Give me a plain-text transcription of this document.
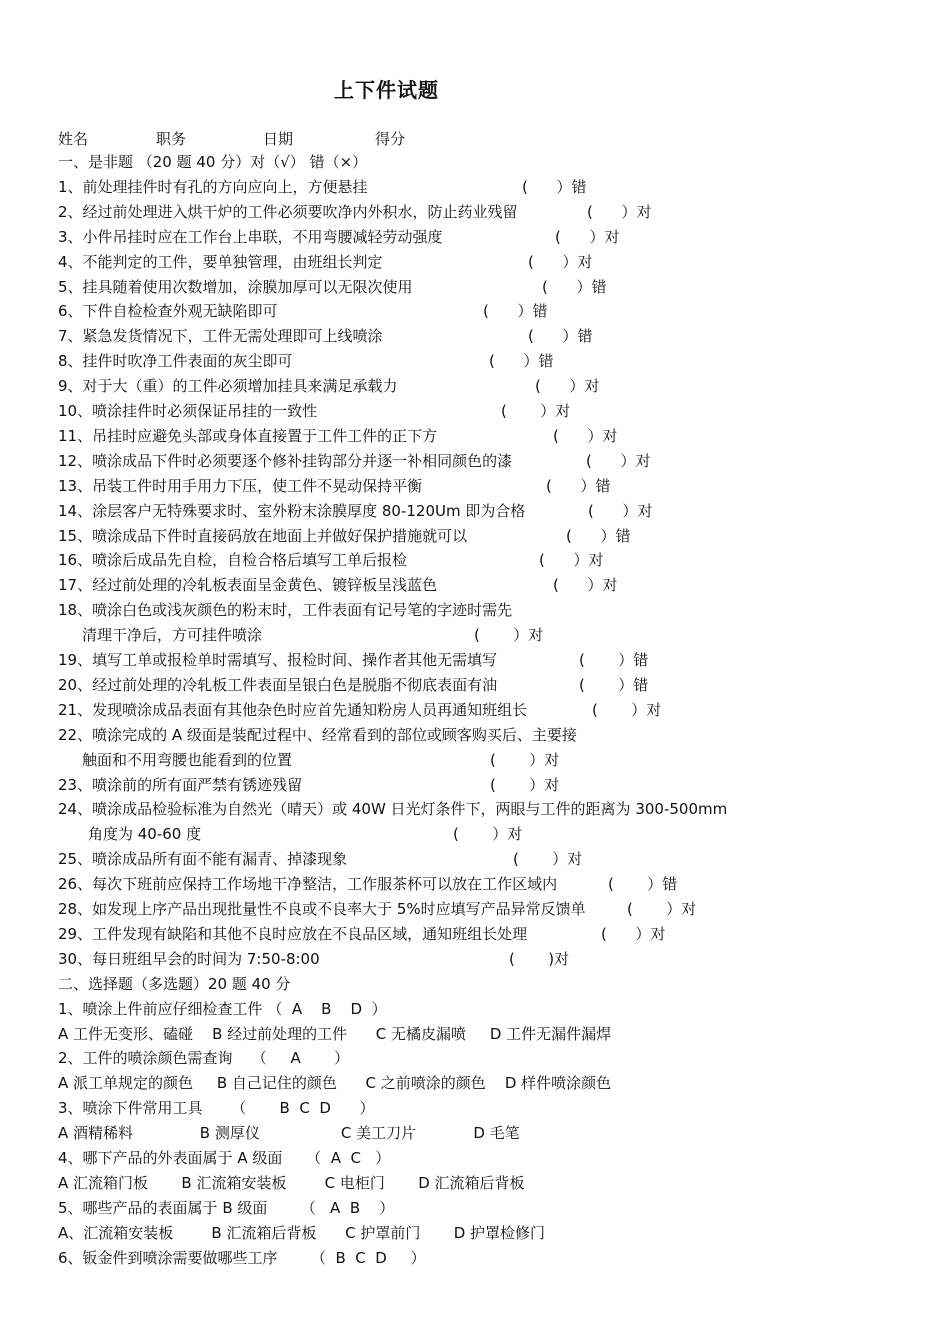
上下件试题
姓名	职务	日期	得分
一、是非题 （20 题 40 分）对（√） 错（×）
1、前处理挂件时有孔的方向应向上，方便悬挂	(      ）错
2、经过前处理进入烘干炉的工件必须要吹净内外积水，防止药业残留	(      ）对
3、小件吊挂时应在工作台上串联，不用弯腰减轻劳动强度	(      ）对
4、不能判定的工件，要单独管理，由班组长判定	(      ）对
5、挂具随着使用次数增加，涂膜加厚可以无限次使用	(      ）错
6、下件自检检查外观无缺陷即可	(      ）错
7、紧急发货情况下，工件无需处理即可上线喷涂	(      ）错
8、挂件时吹净工件表面的灰尘即可	(      ）错
9、对于大（重）的工件必须增加挂具来满足承载力	(      ）对
10、喷涂挂件时必须保证吊挂的一致性	(       ）对
11、吊挂时应避免头部或身体直接置于工件工件的正下方	(      ）对
12、喷涂成品下件时必须要逐个修补挂钩部分并逐一补相同颜色的漆	(      ）对
13、吊装工件时用手用力下压，使工件不晃动保持平衡	(      ）错
14、涂层客户无特殊要求时、室外粉末涂膜厚度 80-120Um 即为合格	(      ）对
15、喷涂成品下件时直接码放在地面上并做好保护措施就可以	(      ）错
16、喷涂后成品先自检，自检合格后填写工单后报检	(      ）对
17、经过前处理的冷轧板表面呈金黄色、镀锌板呈浅蓝色	(      ）对
18、喷涂白色或浅灰颜色的粉末时，工件表面有记号笔的字迹时需先
清理干净后，方可挂件喷涂	(       ）对
19、填写工单或报检单时需填写、报检时间、操作者其他无需填写	(       ）错
20、经过前处理的冷轧板工件表面呈银白色是脱脂不彻底表面有油	(       ）错
21、发现喷涂成品表面有其他杂色时应首先通知粉房人员再通知班组长	(       ）对
22、喷涂完成的 A 级面是装配过程中、经常看到的部位或顾客购买后、主要接
触面和不用弯腰也能看到的位置	(       ）对
23、喷涂前的所有面严禁有锈迹残留	(       ）对
24、喷涂成品检验标准为自然光（晴天）或 40W 日光灯条件下，两眼与工件的距离为 300-500mm
角度为 40-60 度	(       ）对
25、喷涂成品所有面不能有漏青、掉漆现象	(       ）对
26、每次下班前应保持工作场地干净整洁，工作服茶杯可以放在工作区域内	(       ）错
28、如发现上序产品出现批量性不良或不良率大于 5%时应填写产品异常反馈单	(       ）对
29、工件发现有缺陷和其他不良时应放在不良品区域，通知班组长处理	(      ）对
30、每日班组早会的时间为 7:50-8:00	(       )对
二、选择题（多选题）20 题 40 分
1、喷涂上件前应仔细检查工件 （  A    B    D  ）
A 工件无变形、磕碰    B 经过前处理的工件      C 无橘皮漏喷     D 工件无漏件漏焊
2、工件的喷涂颜色需查询    （     A       ）
A 派工单规定的颜色     B 自己记住的颜色      C 之前喷涂的颜色    D 样件喷涂颜色
3、喷涂下件常用工具      （       B  C  D      ）
A 酒精稀料              B 测厚仪                 C 美工刀片            D 毛笔
4、哪下产品的外表面属于 A 级面     （  A  C   ）
A 汇流箱门板       B 汇流箱安装板        C 电柜门       D 汇流箱后背板
5、哪些产品的表面属于 B 级面       （   A  B    ）
A、汇流箱安装板        B 汇流箱后背板      C 护罩前门       D 护罩检修门
6、钣金件到喷涂需要做哪些工序       （  B  C  D     ）
